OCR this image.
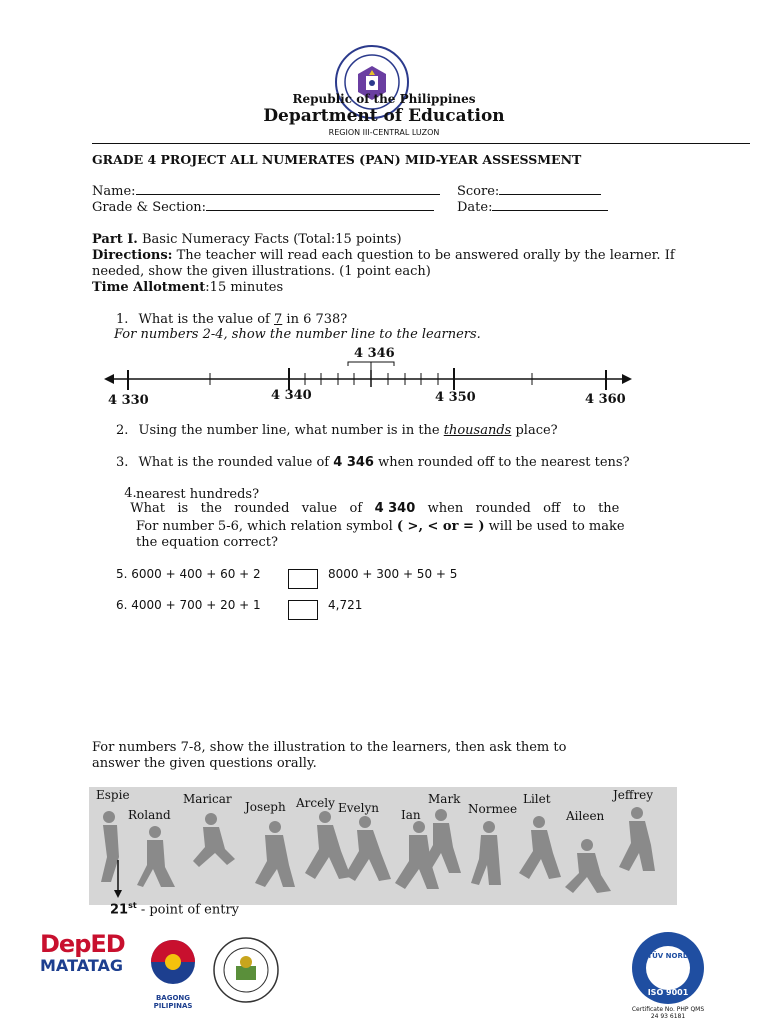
Republic of the Philippines
Department of Education
REGION III-CENTRAL LUZON
GRADE 4 PROJECT ALL NUMERATES (PAN) MID-YEAR ASSESSMENT
Name:	Score:
Grade & Section:	Date:
Part I. Basic Numeracy Facts (Total:15 points)
Directions: The teacher will read each question to be answered orally by the learner. If needed, show the given illustrations. (1 point each)
Time Allotment:15 minutes
1. What is the value of 7 in 6 738?
For numbers 2-4, show the number line to the learners.
4 346
4 330	4 340	4 350	4 360
2. Using the number line, what number is in the thousands place?
3. What is the rounded value of 4 346 when rounded off to the nearest tens?

4.
What   is   the   rounded   value   of   4 340   when   rounded   off   to   the

nearest hundreds?
For number 5-6, which relation symbol ( >, < or = ) will be used to make
the equation correct?
5. 6000 + 400 + 60 + 2	8000 + 300 + 50 + 5
6. 4000 + 700 + 20 + 1	4,721
For numbers 7-8, show the illustration to the learners, then ask them to
answer the given questions orally.
Espie
Roland
Maricar
Joseph Arcely Evelyn Ian
Mark
Normee
Lilet
Aileen
Jeffrey
21st - point of entry
DepED
MATATAG
BAGONG PILIPINAS
TÜV NORD
ISO 9001
Certificate No. PHP QMS
24 93 6181
